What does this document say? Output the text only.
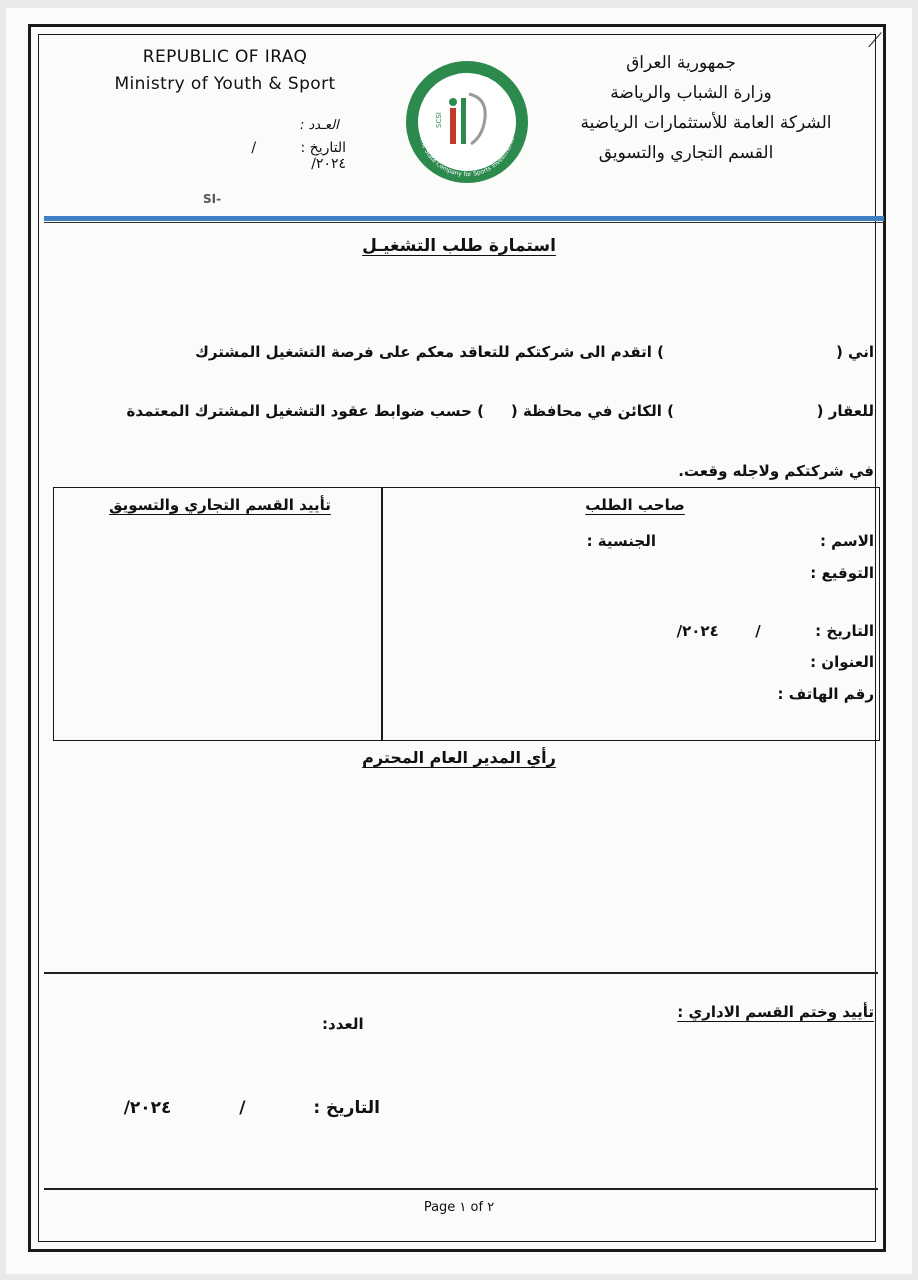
⟋
REPUBLIC OF IRAQ
Ministry of Youth & Sport
جمهورية العراق
وزارة الشباب والرياضة
الشركة العامة للأستثمارات الرياضية
القسم التجاري والتسويق
العـدد :
التاريخ : / ٢٠٢٤/
SI-
Ministry of Youth & Sport
The State Company for Sports Investments
SCSI
استمارة طلب التشغيـل
اني (
) اتقدم الى شركتكم للتعاقد معكم على فرصة التشغيل المشترك
للعقار (
) الكائن في محافظة (
) حسب ضوابط عقود التشغيل المشترك المعتمدة
في شركتكم ولاجله وقعت.
صاحب الطلب
تأييد القسم التجاري والتسويق
الاسم :
الجنسية :
التوقيع :
التاريخ :  /  ٢٠٢٤/
العنوان :
رقم الهاتف :
رأي المدير العام المحترم
تأييد وختم القسم الاداري :
العدد:
التاريخ :  /  ٢٠٢٤/
Page ١ of ٢
